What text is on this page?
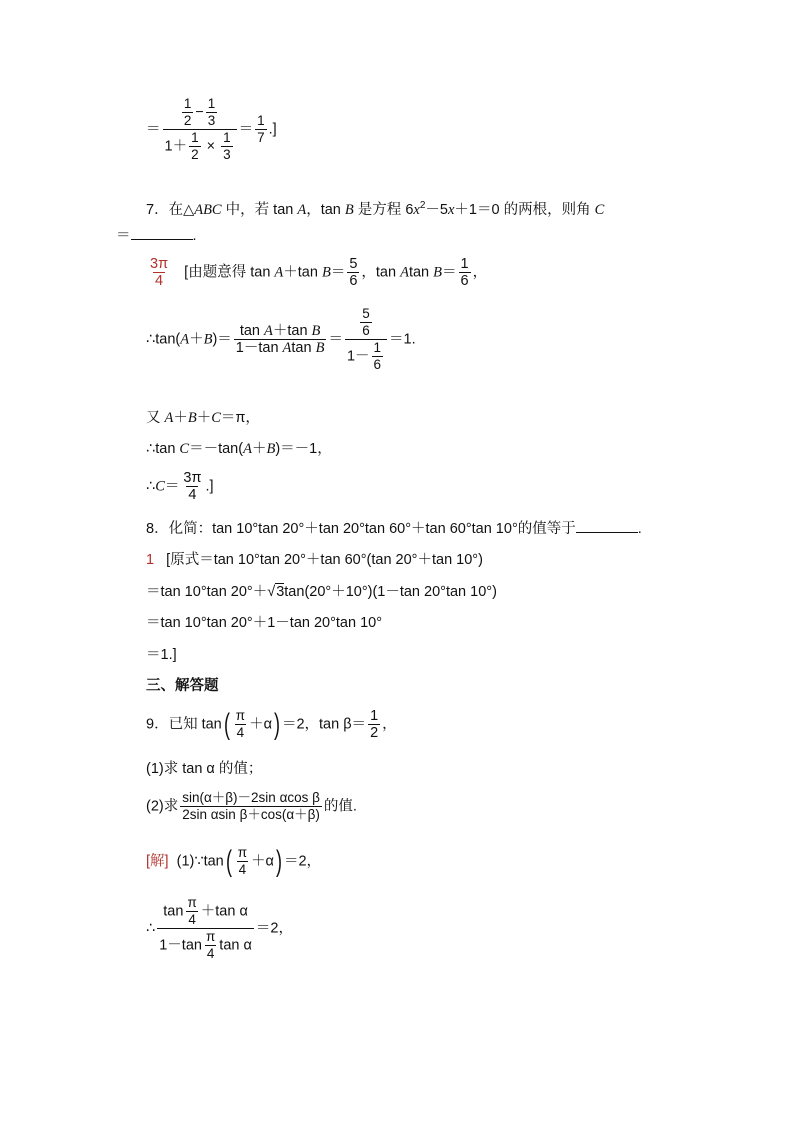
＝ $\frac{\frac{1}{2} - \frac{1}{3}}{1+ \frac{1}{2} \times \frac{1}{3}} = \frac{1}{7}$ .]
7．在△ABC 中，若 tan A，tan B 是方程 $6x^2-5x+1=0$ 的两根，则角 C
＝	.
$\frac{3\pi}{4}$ [由题意得 tan A＋tan $B= \frac{5}{6}$ ，tan Atan $B= \frac{1}{6}$ ，
∴tan(A＋B)＝ $\frac{\text{tan A＋tan B}}{\text{1－tan Atan B}} = \frac{\frac{5}{6}}{1- \frac{1}{6}} =1$.
又 A＋B＋C＝π，
∴tan C＝－tan(A＋B)＝－1，
∴C＝ $\frac{3\pi}{4}$ .]
8．化简：tan 10°tan 20°＋tan 20°tan 60°＋tan 60°tan 10°的值等于	.
1 [原式＝tan 10°tan 20°＋tan 60°(tan 20°＋tan 10°)
＝tan 10°tan 20°＋√3tan(20°＋10°)(1－tan 20°tan 10°)
＝tan 10°tan 20°＋1－tan 20°tan 10°
＝1.]
三、解答题
9．已知 $\tan( \frac{\pi}{4} +\alpha) =2$，$\tan \beta= \frac{1}{2}$ ，
(1)求 tan α 的值；
(2)求 $\frac{\text{sin(α＋β)－2sin αcos β}}{\text{2sin αsin β＋cos(α＋β)}}$ 的值.
[解] (1)∵tan( $\frac{\pi}{4} +\alpha) =2$，
∴ $\frac{\tan \frac{\pi}{4} +\tan \alpha}{1-\tan \frac{\pi}{4} \tan \alpha} =2$，
